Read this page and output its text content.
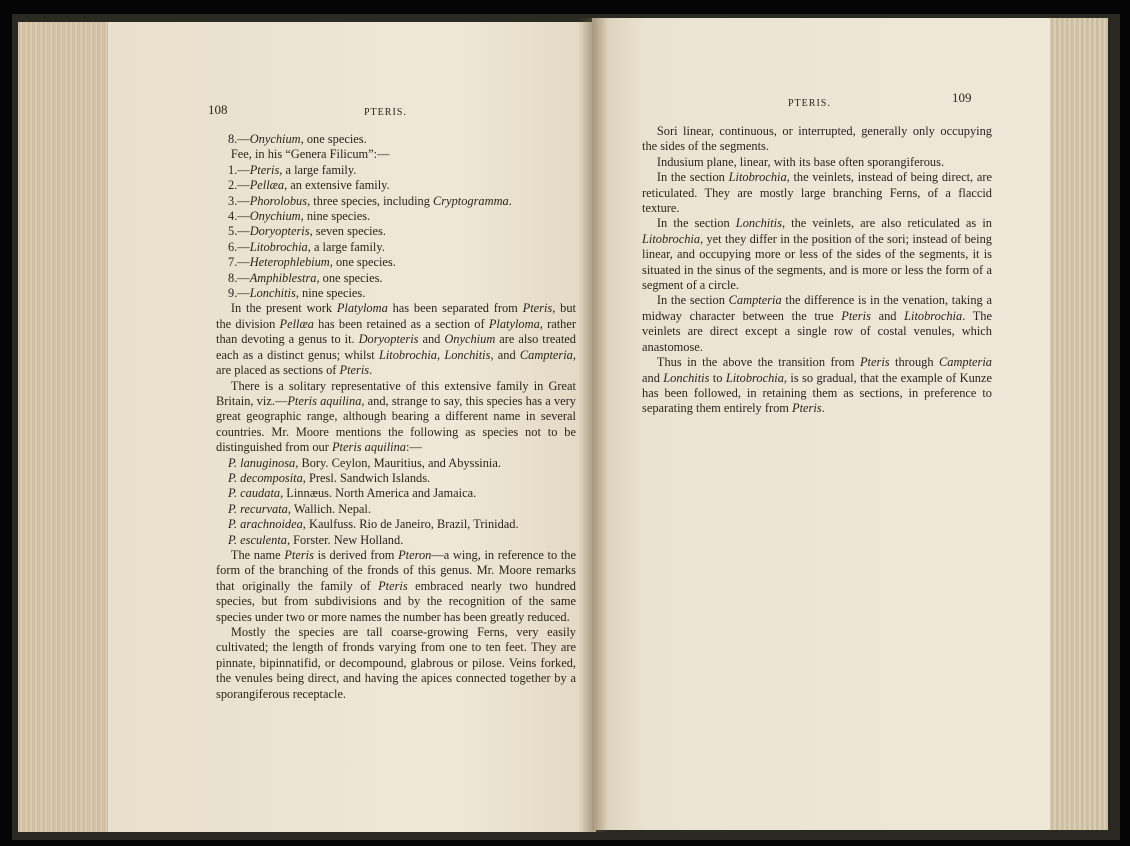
108	PTERIS.

8.—Onychium, one species.

Fee, in his “Genera Filicum”:—

1.—Pteris, a large family.

2.—Pellæa, an extensive family.

3.—Phorolobus, three species, including Cryptogramma.

4.—Onychium, nine species.

5.—Doryopteris, seven species.

6.—Litobrochia, a large family.

7.—Heterophlebium, one species.

8.—Amphiblestra, one species.

9.—Lonchitis, nine species.

In the present work Platyloma has been separated from Pteris, but the division Pellæa has been retained as a section of Platyloma, rather than devoting a genus to it. Doryopteris and Onychium are also treated each as a distinct genus; whilst Litobrochia, Lonchitis, and Campteria, are placed as sections of Pteris.

There is a solitary representative of this extensive family in Great Britain, viz.—Pteris aquilina, and, strange to say, this species has a very great geographic range, although bearing a different name in several countries. Mr. Moore mentions the following as species not to be distinguished from our Pteris aquilina:—

P. lanuginosa, Bory. Ceylon, Mauritius, and Abyssinia.

P. decomposita, Presl. Sandwich Islands.

P. caudata, Linnæus. North America and Jamaica.

P. recurvata, Wallich. Nepal.

P. arachnoidea, Kaulfuss. Rio de Janeiro, Brazil, Trinidad.

P. esculenta, Forster. New Holland.

The name Pteris is derived from Pteron—a wing, in reference to the form of the branching of the fronds of this genus. Mr. Moore remarks that originally the family of Pteris embraced nearly two hundred species, but from subdivisions and by the recognition of the same species under two or more names the number has been greatly reduced.

Mostly the species are tall coarse-growing Ferns, very easily cultivated; the length of fronds varying from one to ten feet. They are pinnate, bipinnatifid, or decompound, glabrous or pilose. Veins forked, the venules being direct, and having the apices connected together by a sporangiferous receptacle.

PTERIS.	109

Sori linear, continuous, or interrupted, generally only occupying the sides of the segments.

Indusium plane, linear, with its base often sporangiferous.

In the section Litobrochia, the veinlets, instead of being direct, are reticulated. They are mostly large branching Ferns, of a flaccid texture.

In the section Lonchitis, the veinlets, are also reticulated as in Litobrochia, yet they differ in the position of the sori; instead of being linear, and occupying more or less of the sides of the segments, it is situated in the sinus of the segments, and is more or less the form of a segment of a circle.

In the section Campteria the difference is in the venation, taking a midway character between the true Pteris and Litobrochia. The veinlets are direct except a single row of costal venules, which anastomose.

Thus in the above the transition from Pteris through Campteria and Lonchitis to Litobrochia, is so gradual, that the example of Kunze has been followed, in retaining them as sections, in preference to separating them entirely from Pteris.
